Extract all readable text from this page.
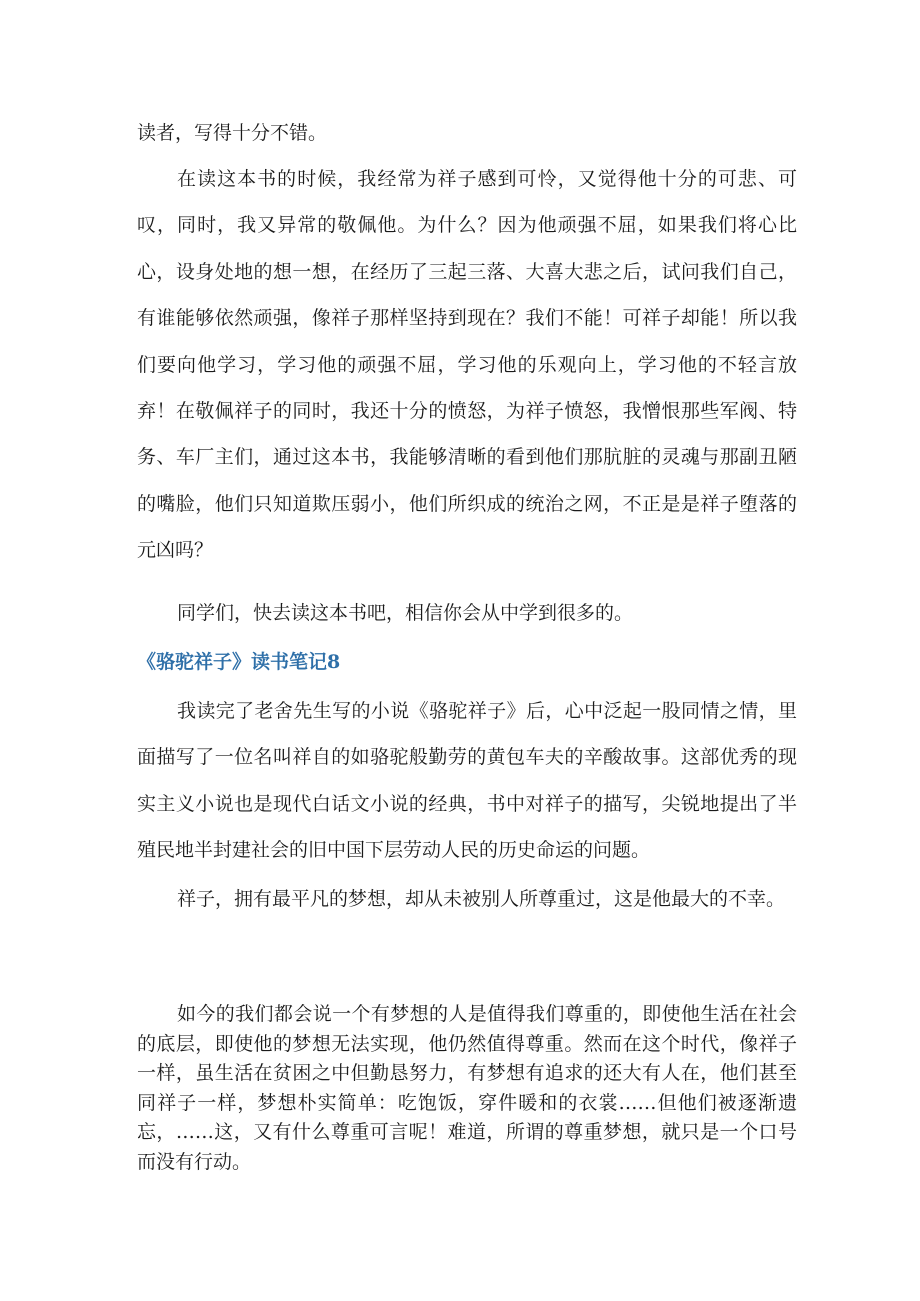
读者，写得十分不错。

在读这本书的时候，我经常为祥子感到可怜，又觉得他十分的可悲、可叹，同时，我又异常的敬佩他。为什么？因为他顽强不屈，如果我们将心比心，设身处地的想一想，在经历了三起三落、大喜大悲之后，试问我们自己，有谁能够依然顽强，像祥子那样坚持到现在？我们不能！可祥子却能！所以我们要向他学习，学习他的顽强不屈，学习他的乐观向上，学习他的不轻言放弃！在敬佩祥子的同时，我还十分的愤怒，为祥子愤怒，我憎恨那些军阀、特务、车厂主们，通过这本书，我能够清晰的看到他们那肮脏的灵魂与那副丑陋的嘴脸，他们只知道欺压弱小，他们所织成的统治之网，不正是是祥子堕落的元凶吗？

同学们，快去读这本书吧，相信你会从中学到很多的。

《骆驼祥子》读书笔记8

我读完了老舍先生写的小说《骆驼祥子》后，心中泛起一股同情之情，里面描写了一位名叫祥自的如骆驼般勤劳的黄包车夫的辛酸故事。这部优秀的现实主义小说也是现代白话文小说的经典，书中对祥子的描写，尖锐地提出了半殖民地半封建社会的旧中国下层劳动人民的历史命运的问题。

祥子，拥有最平凡的梦想，却从未被别人所尊重过，这是他最大的不幸。

如今的我们都会说一个有梦想的人是值得我们尊重的，即使他生活在社会的底层，即使他的梦想无法实现，他仍然值得尊重。然而在这个时代，像祥子一样，虽生活在贫困之中但勤恳努力，有梦想有追求的还大有人在，他们甚至同祥子一样，梦想朴实简单：吃饱饭，穿件暖和的衣裳……但他们被逐渐遗忘，……这，又有什么尊重可言呢！难道，所谓的尊重梦想，就只是一个口号而没有行动。
